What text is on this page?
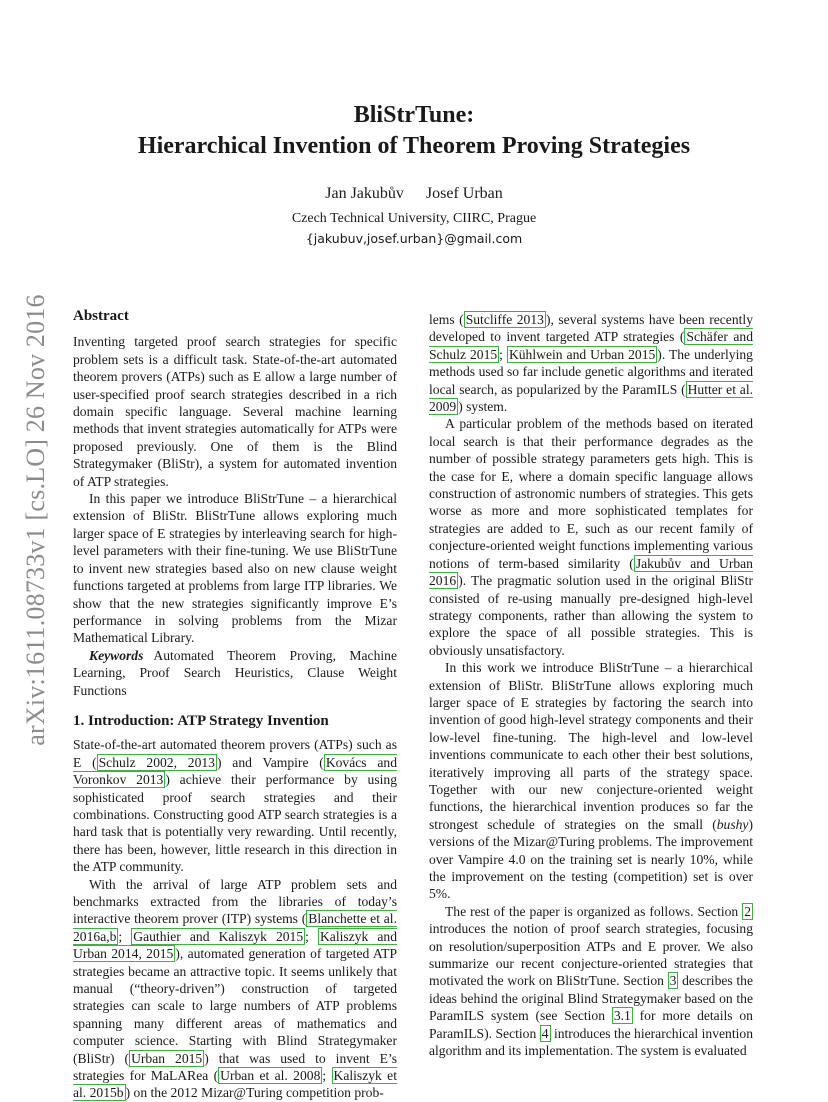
arXiv:1611.08733v1 [cs.LO] 26 Nov 2016
BliStrTune:
Hierarchical Invention of Theorem Proving Strategies
Jan Jakubův Josef Urban
Czech Technical University, CIIRC, Prague
{jakubuv,josef.urban}@gmail.com
Abstract

Inventing targeted proof search strategies for specific problem sets is a difficult task. State-of-the-art automated theorem provers (ATPs) such as E allow a large number of user-specified proof search strategies described in a rich domain specific language. Several machine learning methods that invent strategies automatically for ATPs were proposed previously. One of them is the Blind Strategymaker (BliStr), a system for automated invention of ATP strategies.

In this paper we introduce BliStrTune – a hierarchical extension of BliStr. BliStrTune allows exploring much larger space of E strategies by interleaving search for high-level parameters with their fine-tuning. We use BliStrTune to invent new strategies based also on new clause weight functions targeted at problems from large ITP libraries. We show that the new strategies significantly improve E’s performance in solving problems from the Mizar Mathematical Library.

Keywords Automated Theorem Proving, Machine Learning, Proof Search Heuristics, Clause Weight Functions

1. Introduction: ATP Strategy Invention

State-of-the-art automated theorem provers (ATPs) such as E ( Schulz 2002, 2013 ) and Vampire ( Kovács and Voronkov 2013 ) achieve their performance by using sophisticated proof search strategies and their combinations. Constructing good ATP search strategies is a hard task that is potentially very rewarding. Until recently, there has been, however, little research in this direction in the ATP community.

With the arrival of large ATP problem sets and benchmarks extracted from the libraries of today’s interactive theorem prover (ITP) systems ( Blanchette et al. 2016a,b ; Gauthier and Kaliszyk 2015 ; Kaliszyk and Urban 2014, 2015 ), automated generation of targeted ATP strategies became an attractive topic. It seems unlikely that manual (“theory-driven”) construction of targeted strategies can scale to large numbers of ATP problems spanning many different areas of mathematics and computer science. Starting with Blind Strategymaker (BliStr) ( Urban 2015 ) that was used to invent E’s strategies for MaLARea ( Urban et al. 2008 ; Kaliszyk et al. 2015b ) on the 2012 Mizar@Turing competition prob-

lems ( Sutcliffe 2013 ), several systems have been recently developed to invent targeted ATP strategies ( Schäfer and Schulz 2015 ; Kühlwein and Urban 2015 ). The underlying methods used so far include genetic algorithms and iterated local search, as popularized by the ParamILS ( Hutter et al. 2009 ) system.

A particular problem of the methods based on iterated local search is that their performance degrades as the number of possible strategy parameters gets high. This is the case for E, where a domain specific language allows construction of astronomic numbers of strategies. This gets worse as more and more sophisticated templates for strategies are added to E, such as our recent family of conjecture-oriented weight functions implementing various notions of term-based similarity ( Jakubův and Urban 2016 ). The pragmatic solution used in the original BliStr consisted of re-using manually pre-designed high-level strategy components, rather than allowing the system to explore the space of all possible strategies. This is obviously unsatisfactory.

In this work we introduce BliStrTune – a hierarchical extension of BliStr. BliStrTune allows exploring much larger space of E strategies by factoring the search into invention of good high-level strategy components and their low-level fine-tuning. The high-level and low-level inventions communicate to each other their best solutions, iteratively improving all parts of the strategy space. Together with our new conjecture-oriented weight functions, the hierarchical invention produces so far the strongest schedule of strategies on the small (bushy) versions of the Mizar@Turing problems. The improvement over Vampire 4.0 on the training set is nearly 10%, while the improvement on the testing (competition) set is over 5%.

The rest of the paper is organized as follows. Section 2 introduces the notion of proof search strategies, focusing on resolution/superposition ATPs and E prover. We also summarize our recent conjecture-oriented strategies that motivated the work on BliStrTune. Section 3 describes the ideas behind the original Blind Strategymaker based on the ParamILS system (see Section 3.1 for more details on ParamILS). Section 4 introduces the hierarchical invention algorithm and its implementation. The system is evaluated
